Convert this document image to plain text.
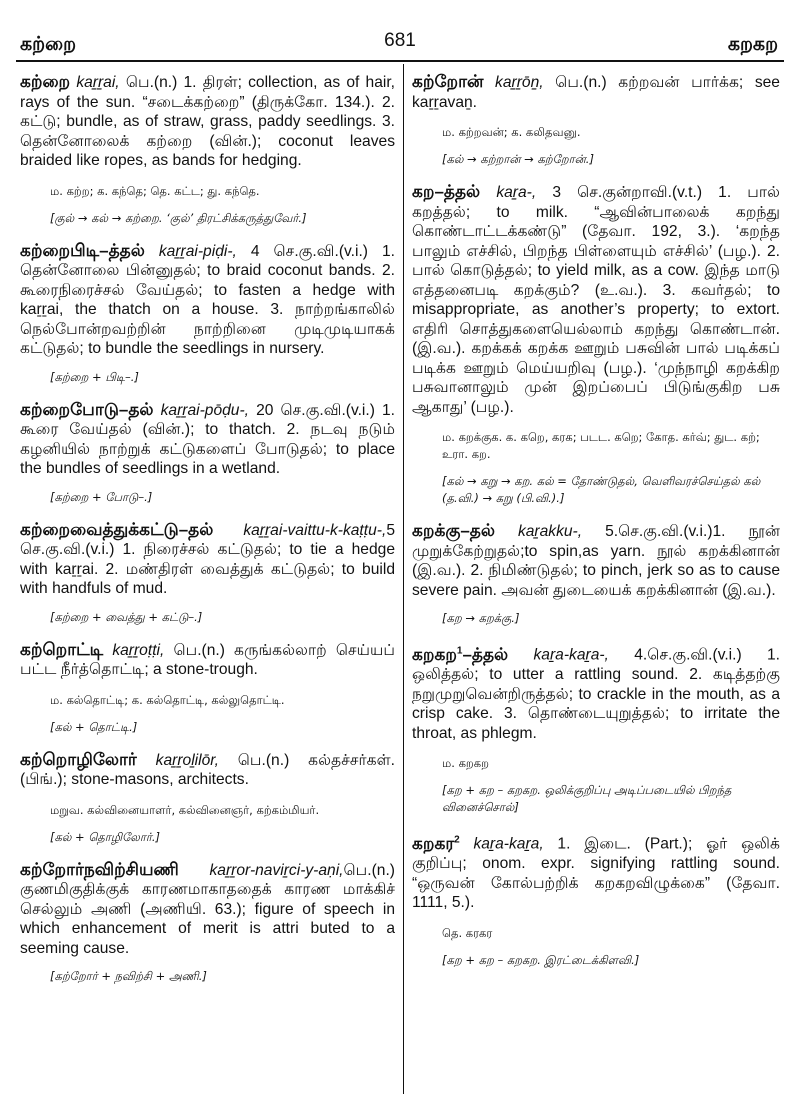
கற்றை	681	கறகற

கற்றை kaṟṟai, பெ.(n.) 1. திரள்; collection, as of hair, rays of the sun. “சடைக்கற்றை” (திருக்கோ. 134.). 2. கட்டு; bundle, as of straw, grass, paddy seedlings. 3. தென்னோலைக் கற்றை (வின்.); coconut leaves braided like ropes, as bands for hedging.

ம. கற்ற; க. கந்தெ; தெ. கட்ட; து. கந்தெ.
[குல் → கல் → கற்றை. ‘குல்’ திரட்சிக்கருத்துவேர்.]

கற்றைபிடி–த்தல் kaṟṟai-piḍi-, 4 செ.கு.வி.(v.i.) 1. தென்னோலை பின்னுதல்; to braid coconut bands. 2. கூரைநிரைச்சல் வேய்தல்; to fasten a hedge with kaṟṟai, the thatch on a house. 3. நாற்றங்காலில் நெல்போன்றவற்றின் நாற்றினை முடிமுடியாகக் கட்டுதல்; to bundle the seedlings in nursery.

[கற்றை + பிடி–.]

கற்றைபோடு–தல் kaṟṟai-pōḍu-, 20 செ.கு.வி.(v.i.) 1. கூரை வேய்தல் (வின்.); to thatch. 2. நடவு நடும் கழனியில் நாற்றுக் கட்டுகளைப் போடுதல்; to place the bundles of seedlings in a wetland.

[கற்றை + போடு–.]

கற்றைவைத்துக்கட்டு–தல் kaṟṟai-vaittu-k-kaṭṭu-,5 செ.கு.வி.(v.i.) 1. நிரைச்சல் கட்டுதல்; to tie a hedge with kaṟṟai. 2. மண்திரள் வைத்துக் கட்டுதல்; to build with handfuls of mud.

[கற்றை + வைத்து + கட்டு–.]

கற்றொட்டி kaṟṟoṭṭi, பெ.(n.) கருங்கல்லாற் செய்யப் பட்ட நீர்த்தொட்டி; a stone-trough.

ம. கல்தொட்டி; க. கல்தொட்டி, கல்லுதொட்டி.
[கல் + தொட்டி.]

கற்றொழிலோர் kaṟṟoḻilōr, பெ.(n.) கல்தச்சர்கள். (பிங்.); stone-masons, architects.

மறுவ. கல்வினையாளர், கல்வினைஞர், கற்கம்மியர்.
[கல் + தொழிலோர்.]

கற்றோர்நவிற்சியணி kaṟṟor-naviṟci-y-aṇi,பெ.(n.) குணமிகுதிக்குக் காரணமாகாததைக் காரண மாக்கிச் செல்லும் அணி (அணியி. 63.); figure of speech in which enhancement of merit is attri buted to a seeming cause.

[கற்றோர் + நவிற்சி + அணி.]

கற்றோன் kaṟṟōṉ, பெ.(n.) கற்றவன் பார்க்க; see kaṟṟavaṉ.

ம. கற்றவன்; க. கலிதவனு.
[கல் → கற்றான் → கற்றோன்.]

கற–த்தல் kaṟa-, 3 செ.குன்றாவி.(v.t.) 1. பால் கறத்தல்; to milk. “ஆவின்பாலைக் கறந்து கொண்டாட்டக்கண்டு” (தேவா. 192, 3.). ‘கறந்த பாலும் எச்சில், பிறந்த பிள்ளையும் எச்சில்’ (பழ.). 2. பால் கொடுத்தல்; to yield milk, as a cow. இந்த மாடு எத்தனைபடி கறக்கும்? (உ.வ.). 3. கவர்தல்; to misappropriate, as another’s property; to extort. எதிரி சொத்துகளையெல்லாம் கறந்து கொண்டான். (இ.வ.). கறக்கக் கறக்க ஊறும் பசுவின் பால் படிக்கப் படிக்க ஊறும் மெய்யறிவு (பழ.). ‘முந்நாழி கறக்கிற பசுவானாலும் முன் இறப்பைப் பிடுங்குகிற பசு ஆகாது’ (பழ.).

ம. கறக்குக. க. கறெ, கரக; படட. கறெ; கோத. கர்வ்; துட. கற்; உரா. கற.
[கல் → கறு → கற. கல் = தோண்டுதல், வெளிவரச்செய்தல் கல் (த.வி.) → கறு (பி.வி.).]

கறக்கு–தல் kaṟakku-, 5.செ.கு.வி.(v.i.)1. நூன் முறுக்கேற்றுதல்;to spin,as yarn. நூல் கறக்கினான் (இ.வ.). 2. நிமிண்டுதல்; to pinch, jerk so as to cause severe pain. அவன் துடையைக் கறக்கினான் (இ.வ.).

[கற → கறக்கு.]

கறகற$^1$–த்தல் kaṟa-kaṟa-, 4.செ.கு.வி.(v.i.) 1. ஒலித்தல்; to utter a rattling sound. 2. கடித்தற்கு நறுமுறுவென்றிருத்தல்; to crackle in the mouth, as a crisp cake. 3. தொண்டையுறுத்தல்; to irritate the throat, as phlegm.

ம. கறகற
[கற + கற – கறகற. ஒலிக்குறிப்பு அடிப்படையில் பிறந்த வினைச்சொல்]

கறகர$^2$ kaṟa-kaṟa, 1. இடை. (Part.); ஓர் ஒலிக் குறிப்பு; onom. expr. signifying rattling sound. “ஒருவன் கோல்பற்றிக் கறகறவிழுக்கை” (தேவா. 1111, 5.).

தெ. கரகர
[கற + கற – கறகற. இரட்டைக்கிளவி.]
